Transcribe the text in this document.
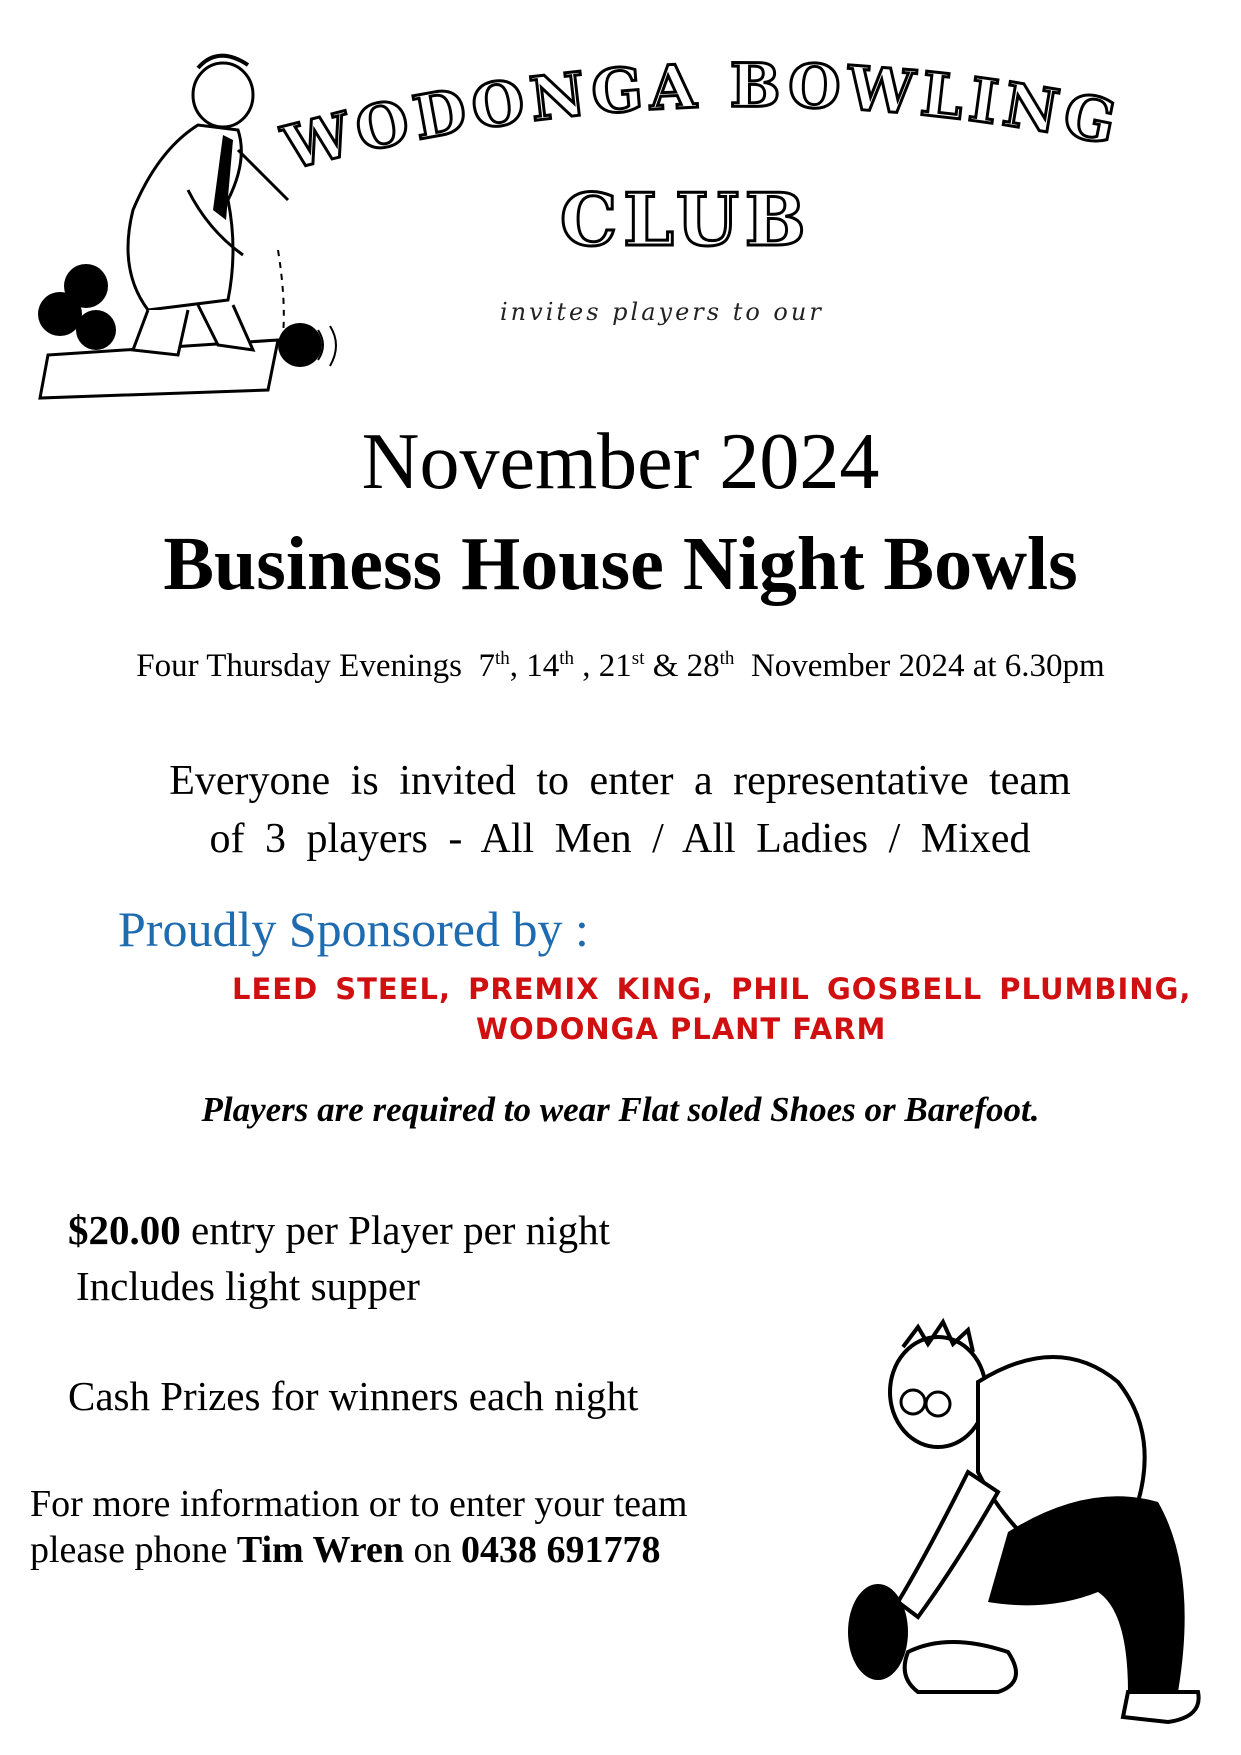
WODONGA BOWLING
CLUB
invites players to our
November 2024
Business House Night Bowls
Four Thursday Evenings 7th, 14th , 21st & 28th November 2024 at 6.30pm
Everyone is invited to enter a representative team
of 3 players - All Men / All Ladies / Mixed
Proudly Sponsored by :
LEED STEEL, PREMIX KING, PHIL GOSBELL PLUMBING,
WODONGA PLANT FARM
Players are required to wear Flat soled Shoes or Barefoot.
$20.00 entry per Player per night
Includes light supper
Cash Prizes for winners each night
For more information or to enter your team
please phone Tim Wren on 0438 691778
